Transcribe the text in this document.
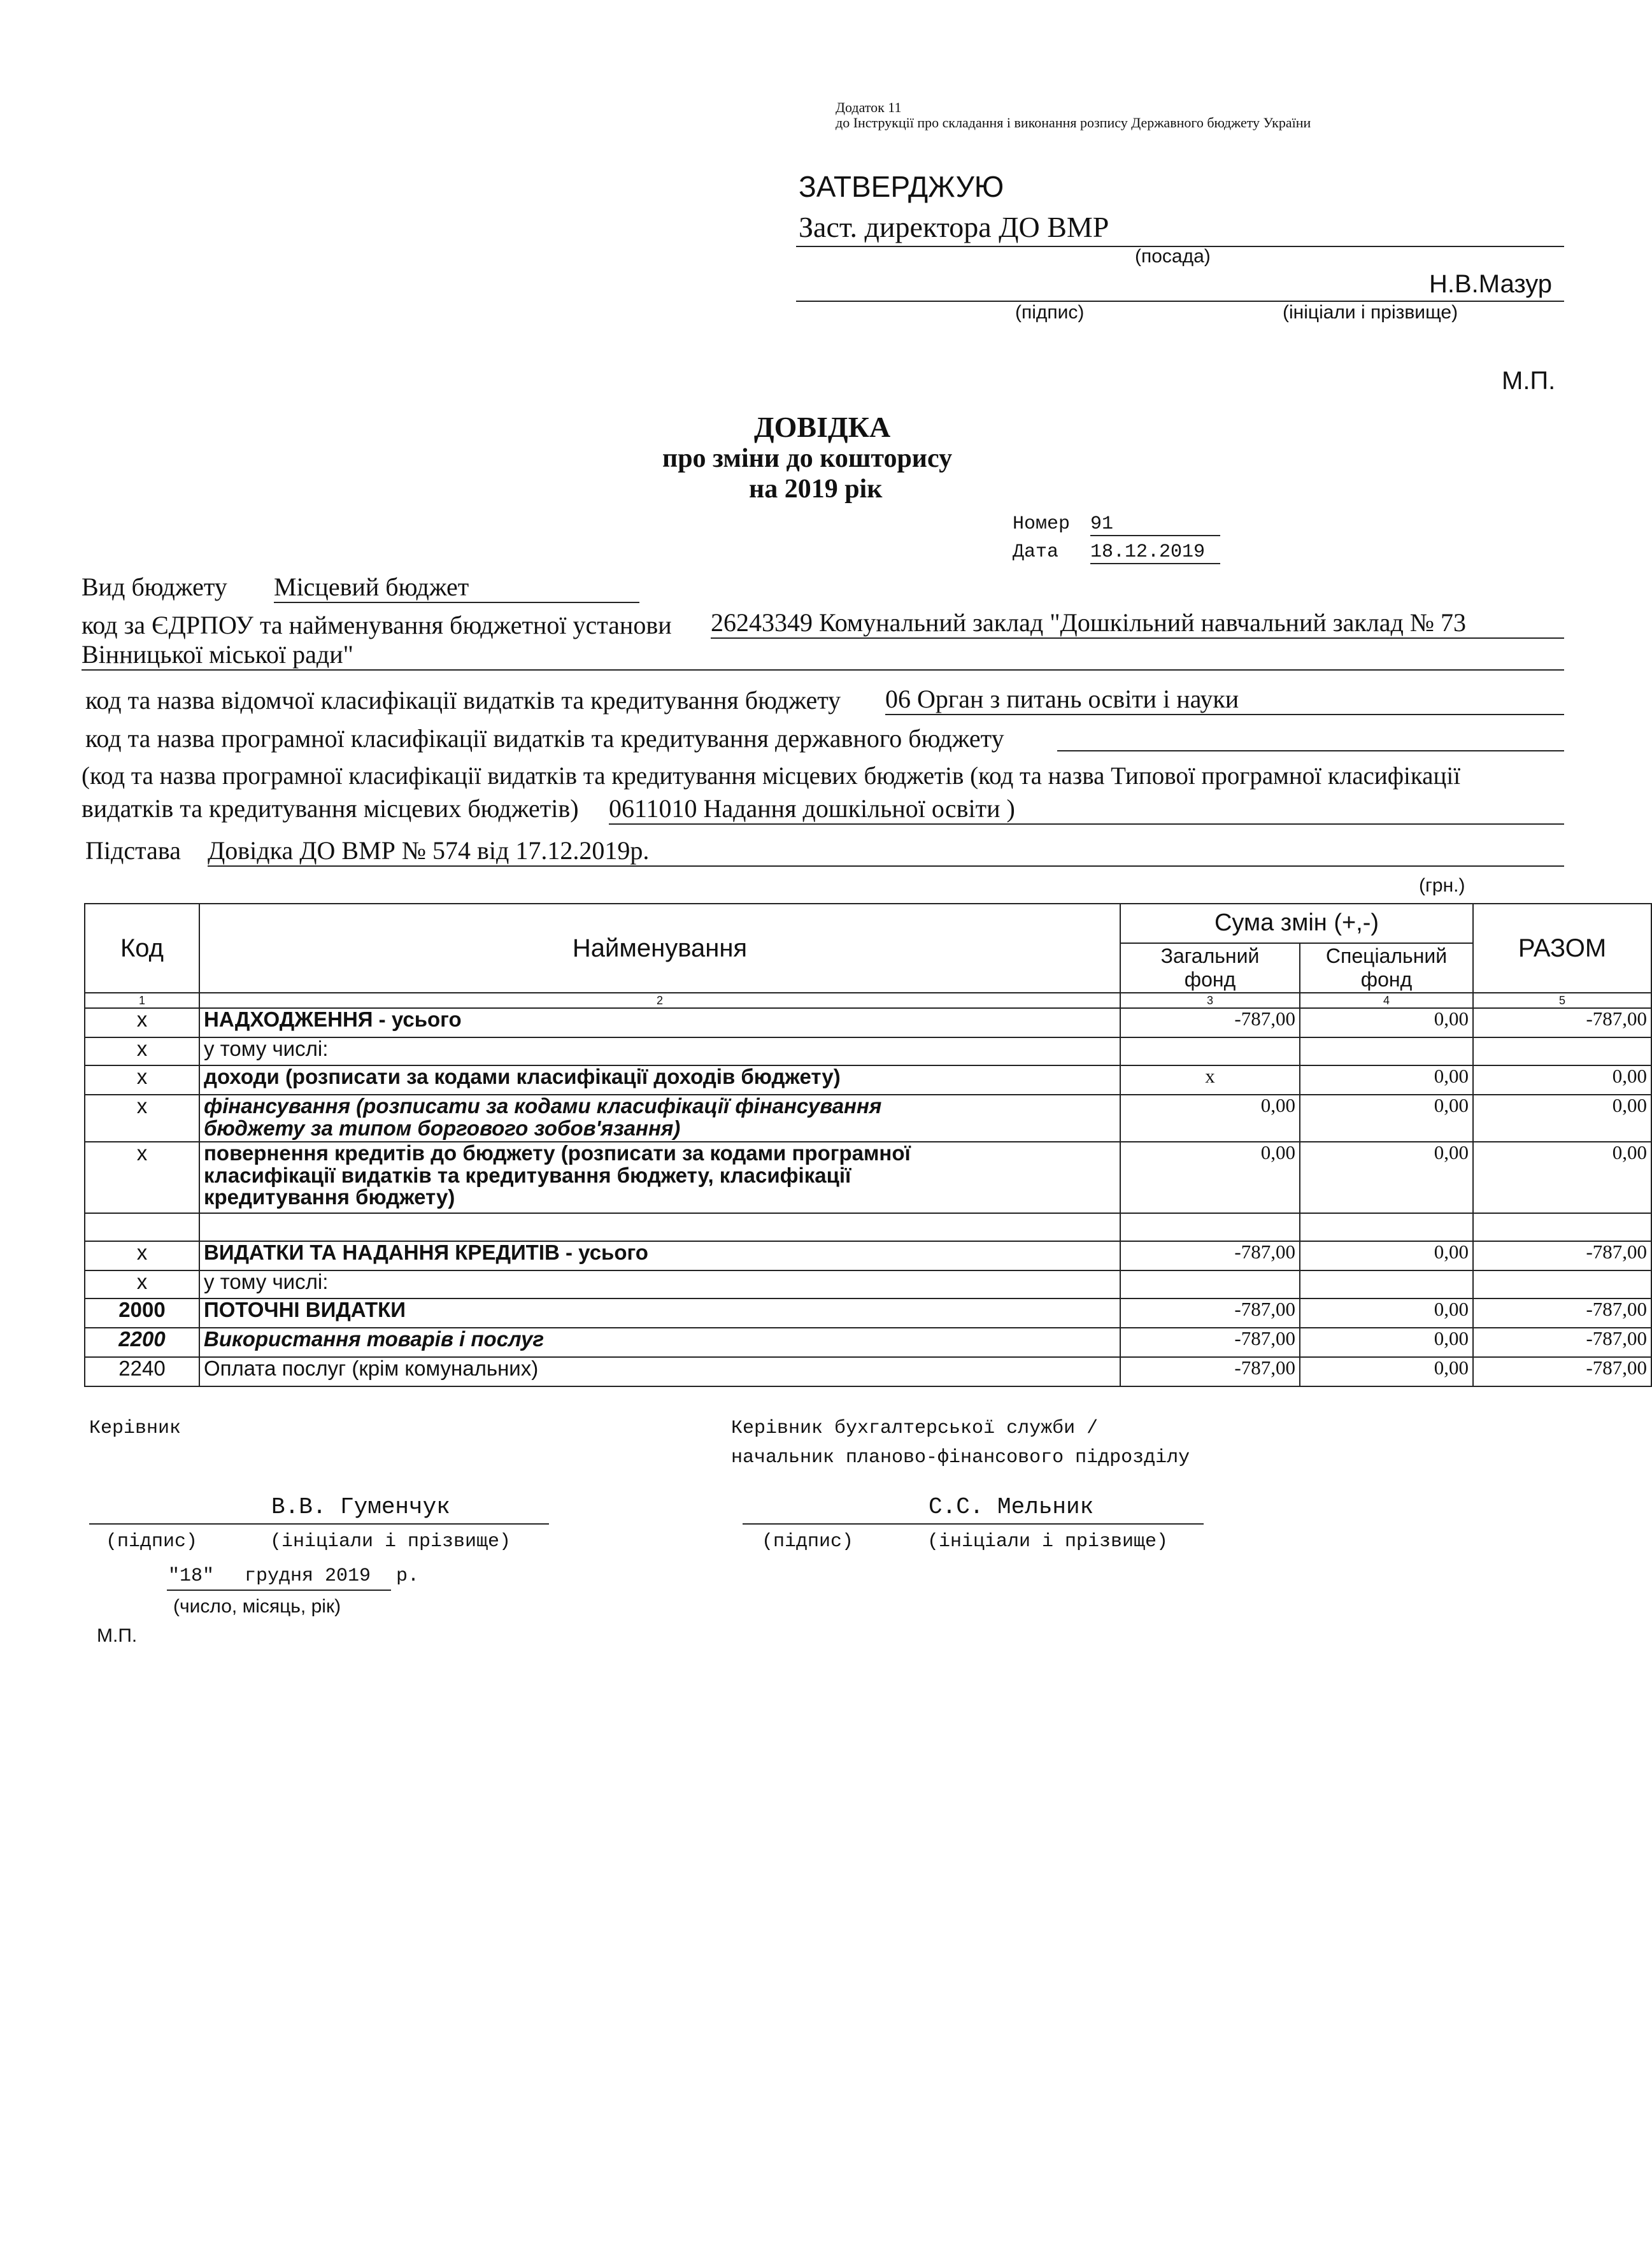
Додаток 11
до Інструкції про складання і виконання розпису Державного бюджету України
ЗАТВЕРДЖУЮ
Заст. директора ДО ВМР
(посада)
Н.В.Мазур
(підпис)	(ініціали і прізвище)
М.П.
ДОВІДКА
про зміни до кошторису
на 2019 рік
Номер 91
Дата 18.12.2019
Вид бюджету Місцевий бюджет
код за ЄДРПОУ та найменування бюджетної установи 26243349 Комунальний заклад "Дошкільний навчальний заклад № 73
Вінницької міської ради"
код та назва відомчої класифікації видатків та кредитування бюджету 06 Орган з питань освіти і науки
код та назва програмної класифікації видатків та кредитування державного бюджету
(код та назва програмної класифікації видатків та кредитування місцевих бюджетів (код та назва Типової програмної класифікації
видатків та кредитування місцевих бюджетів) 0611010 Надання дошкільної освіти )
Підстава Довідка ДО ВМР № 574 від 17.12.2019р.
(грн.)
Код	Найменування	Сума змін (+,-)		РАЗОМ
		Загальний фонд	Спеціальний фонд	
1	2	3	4	5
х	НАДХОДЖЕННЯ - усього	-787,00	0,00	-787,00
х	у тому числі:			
х	доходи (розписати за кодами класифікації доходів бюджету)	х	0,00	0,00
х	фінансування (розписати за кодами класифікації фінансування бюджету за типом боргового зобов'язання)	0,00	0,00	0,00
х	повернення кредитів до бюджету (розписати за кодами програмної класифікації видатків та кредитування бюджету, класифікації кредитування бюджету)	0,00	0,00	0,00

х	ВИДАТКИ ТА НАДАННЯ КРЕДИТІВ - усього	-787,00	0,00	-787,00
х	у тому числі:			
2000	ПОТОЧНІ ВИДАТКИ	-787,00	0,00	-787,00
2200	Використання товарів і послуг	-787,00	0,00	-787,00
2240	Оплата послуг (крім комунальних)	-787,00	0,00	-787,00
Керівник	Керівник бухгалтерської служби /
начальник планово-фінансового підрозділу
В.В. Гуменчук
(підпис)	(ініціали і прізвище)
С.С. Мельник
(підпис)	(ініціали і прізвище)
"18" грудня 2019 р.
(число, місяць, рік)
М.П.
